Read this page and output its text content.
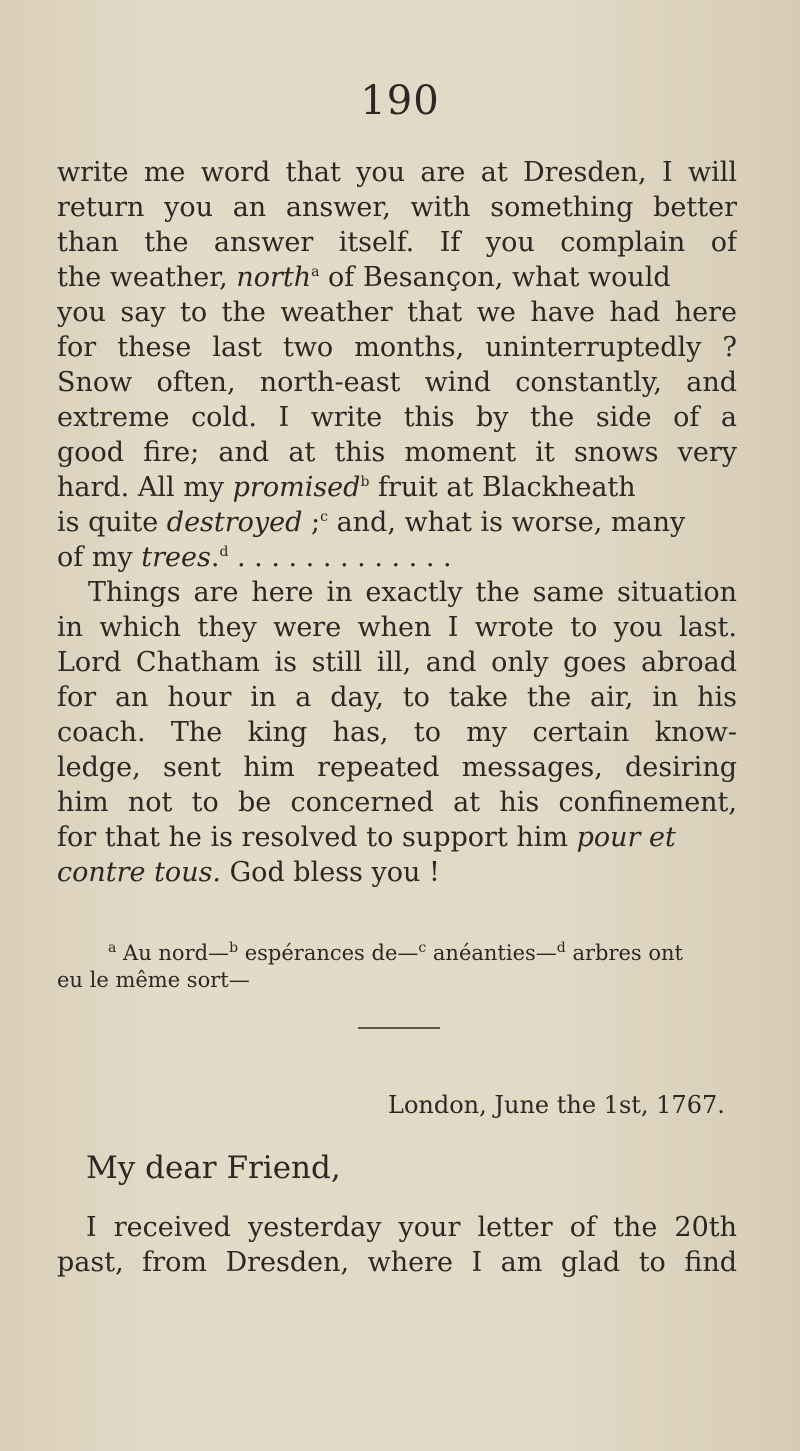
190
write me word that you are at Dresden, I will
return you an answer, with something better
than the answer itself. If you complain of
the weather, north$^a$ of Besançon, what would
you say to the weather that we have had here
for these last two months, uninterruptedly ?
Snow often, north-east wind constantly, and
extreme cold. I write this by the side of a
good fire; and at this moment it snows very
hard. All my promised$^b$ fruit at Blackheath
is quite destroyed ;$^c$ and, what is worse, many
of my trees.$^d$ . . . . . . . . . . . . .
Things are here in exactly the same situation
in which they were when I wrote to you last.
Lord Chatham is still ill, and only goes abroad
for an hour in a day, to take the air, in his
coach. The king has, to my certain know-
ledge, sent him repeated messages, desiring
him not to be concerned at his confinement,
for that he is resolved to support him pour et
contre tous. God bless you !
$^a$ Au nord—$^b$ espérances de—$^c$ anéanties—$^d$ arbres ont
eu le même sort—
London, June the 1st, 1767.
My dear Friend,
I received yesterday your letter of the 20th
past, from Dresden, where I am glad to find
